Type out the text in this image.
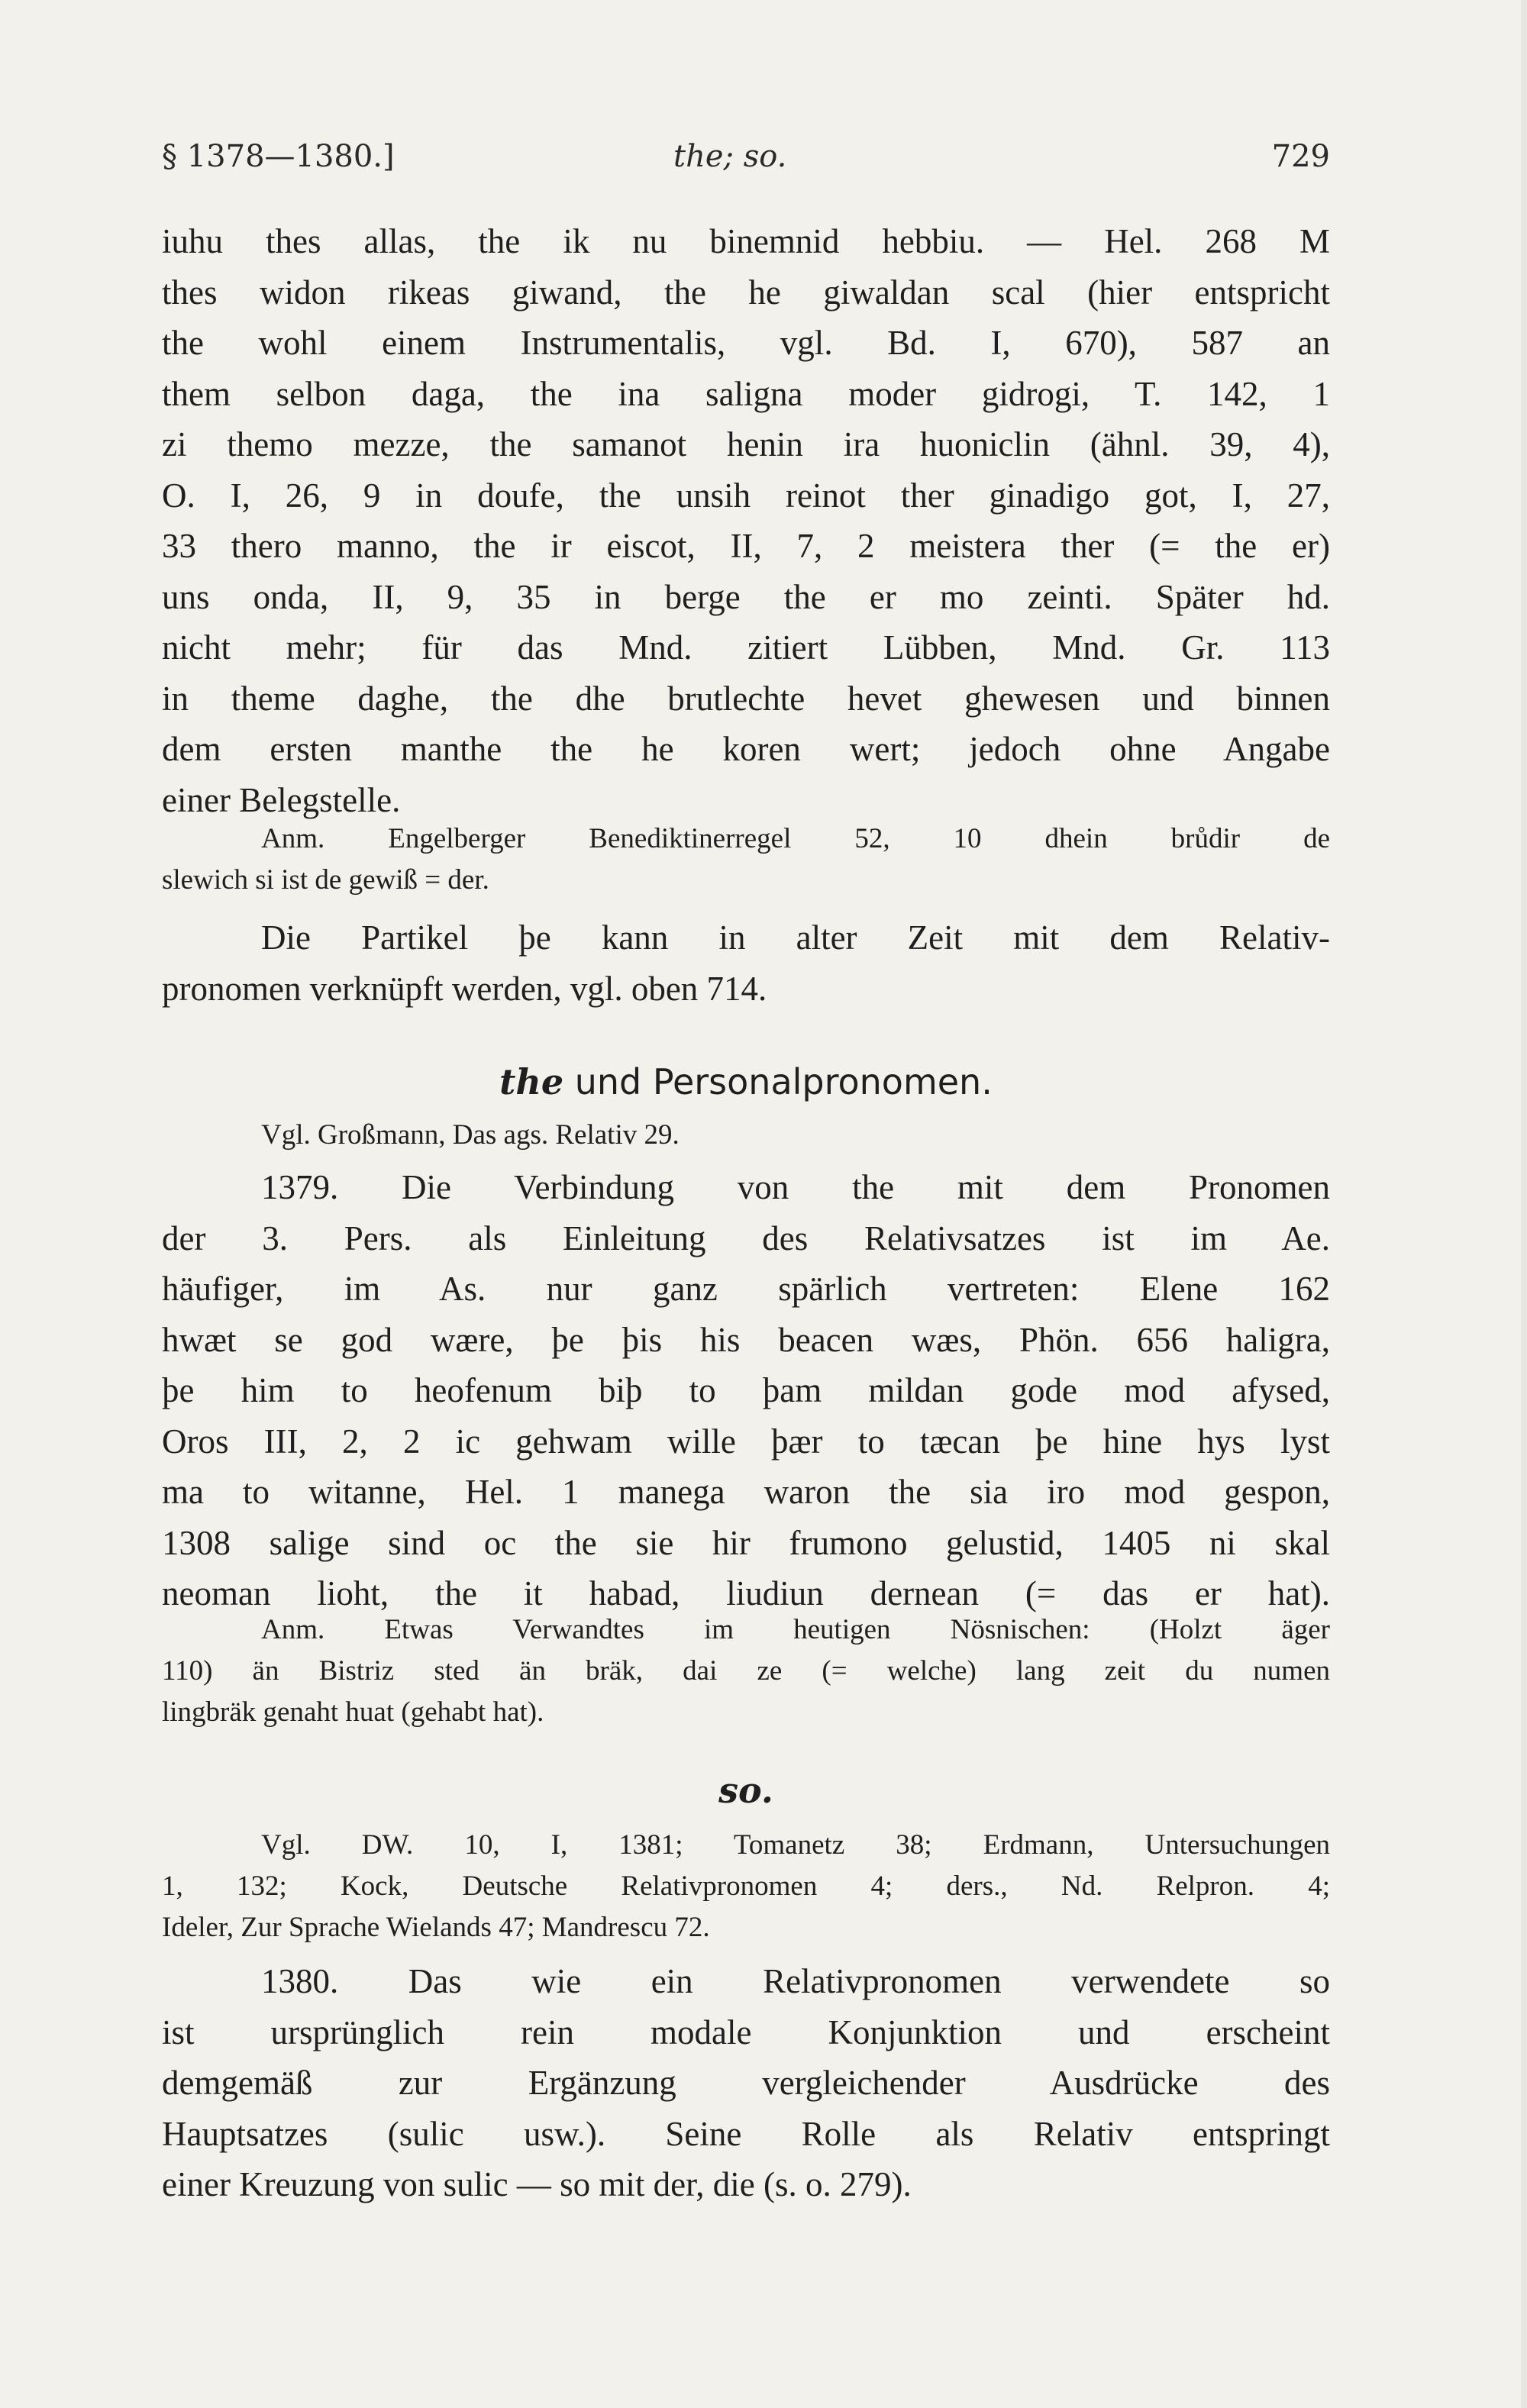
§ 1378—1380.]	the; so.	729
iuhu thes allas, the ik nu binemnid hebbiu. — Hel. 268 M
thes widon rikeas giwand, the he giwaldan scal (hier entspricht
the wohl einem Instrumentalis, vgl. Bd. I, 670), 587 an
them selbon daga, the ina saligna moder gidrogi, T. 142, 1
zi themo mezze, the samanot henin ira huoniclin (ähnl. 39, 4),
O. I, 26, 9 in doufe, the unsih reinot ther ginadigo got, I, 27,
33 thero manno, the ir eiscot, II, 7, 2 meistera ther (= the er)
uns onda, II, 9, 35 in berge the er mo zeinti. Später hd.
nicht mehr; für das Mnd. zitiert Lübben, Mnd. Gr. 113
in theme daghe, the dhe brutlechte hevet ghewesen und binnen
dem ersten manthe the he koren wert; jedoch ohne Angabe
einer Belegstelle.
Anm. Engelberger Benediktinerregel 52, 10 dhein brůdir de
slewich si ist de gewiß = der.
Die Partikel þe kann in alter Zeit mit dem Relativ-
pronomen verknüpft werden, vgl. oben 714.
the und Personalpronomen.
Vgl. Großmann, Das ags. Relativ 29.
1379. Die Verbindung von the mit dem Pronomen
der 3. Pers. als Einleitung des Relativsatzes ist im Ae.
häufiger, im As. nur ganz spärlich vertreten: Elene 162
hwæt se god wære, þe þis his beacen wæs, Phön. 656 haligra,
þe him to heofenum biþ to þam mildan gode mod afysed,
Oros III, 2, 2 ic gehwam wille þær to tæcan þe hine hys lyst
ma to witanne, Hel. 1 manega waron the sia iro mod gespon,
1308 salige sind oc the sie hir frumono gelustid, 1405 ni skal
neoman lioht, the it habad, liudiun dernean (= das er hat).
Anm. Etwas Verwandtes im heutigen Nösnischen: (Holzt äger
110) än Bistriz sted än bräk, dai ze (= welche) lang zeit du numen
lingbräk genaht huat (gehabt hat).
so.
Vgl. DW. 10, I, 1381; Tomanetz 38; Erdmann, Untersuchungen
1, 132; Kock, Deutsche Relativpronomen 4; ders., Nd. Relpron. 4;
Ideler, Zur Sprache Wielands 47; Mandrescu 72.
1380. Das wie ein Relativpronomen verwendete so
ist ursprünglich rein modale Konjunktion und erscheint
demgemäß zur Ergänzung vergleichender Ausdrücke des
Hauptsatzes (sulic usw.). Seine Rolle als Relativ entspringt
einer Kreuzung von sulic — so mit der, die (s. o. 279).
